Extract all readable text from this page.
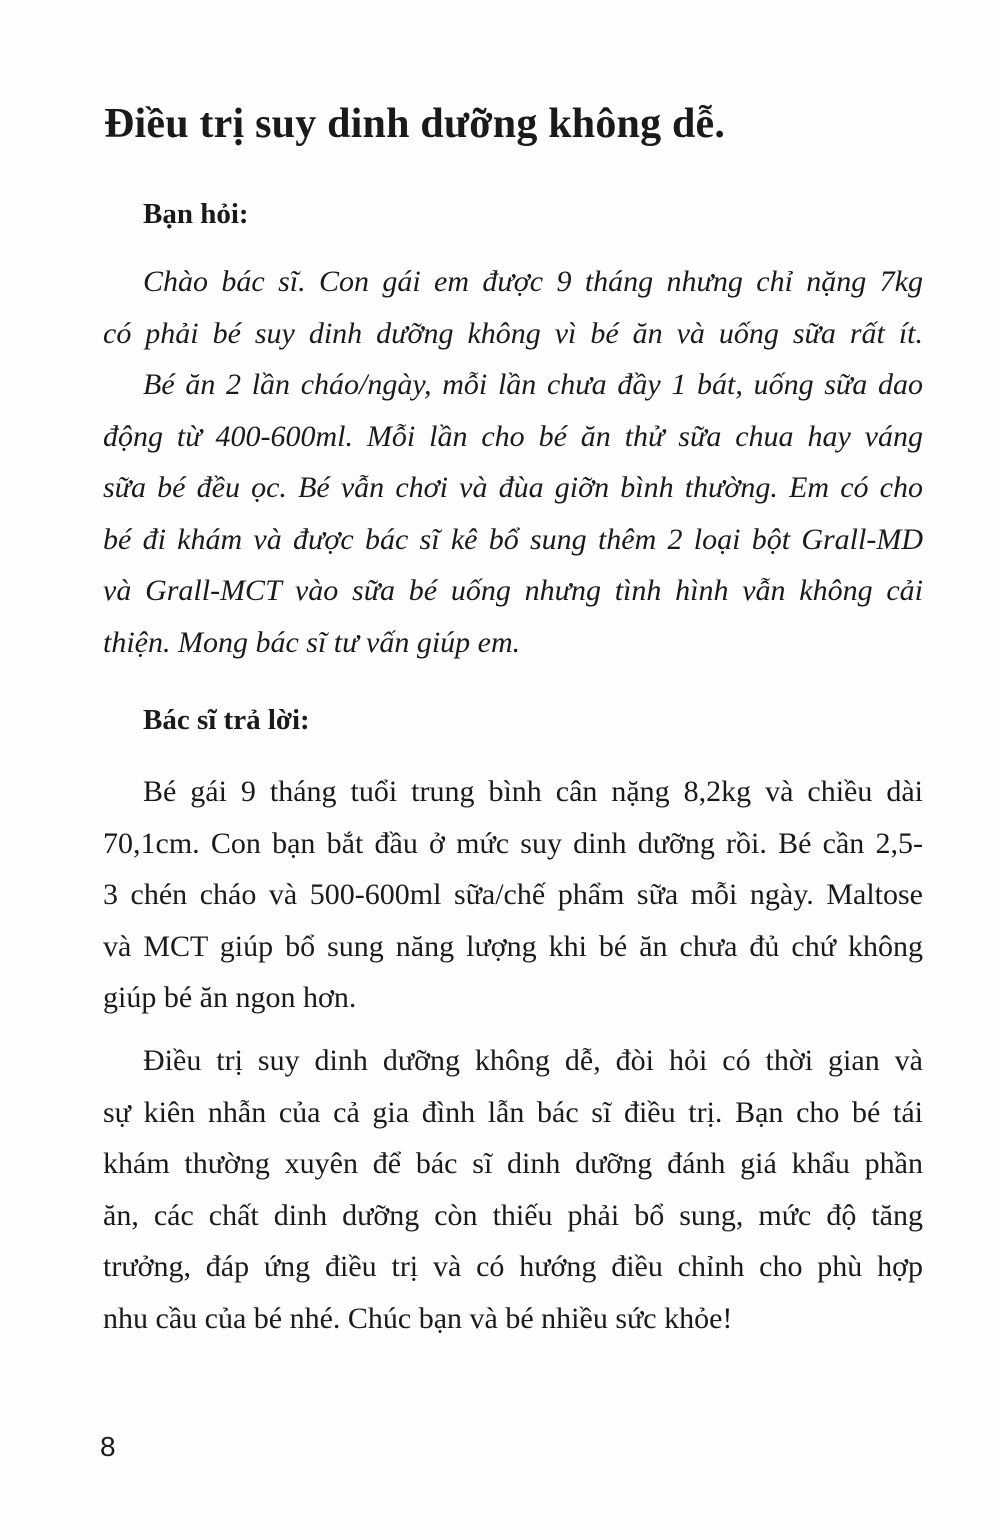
Điều trị suy dinh dưỡng không dễ.
Bạn hỏi:
Chào bác sĩ. Con gái em được 9 tháng nhưng chỉ nặng 7kg
có phải bé suy dinh dưỡng không vì bé ăn và uống sữa rất ít.
Bé ăn 2 lần cháo/ngày, mỗi lần chưa đầy 1 bát, uống sữa dao
động từ 400-600ml. Mỗi lần cho bé ăn thử sữa chua hay váng
sữa bé đều ọc. Bé vẫn chơi và đùa giỡn bình thường. Em có cho
bé đi khám và được bác sĩ kê bổ sung thêm 2 loại bột Grall-MD
và Grall-MCT vào sữa bé uống nhưng tình hình vẫn không cải
thiện. Mong bác sĩ tư vấn giúp em.
Bác sĩ trả lời:
Bé gái 9 tháng tuổi trung bình cân nặng 8,2kg và chiều dài
70,1cm. Con bạn bắt đầu ở mức suy dinh dưỡng rồi. Bé cần 2,5-
3 chén cháo và 500-600ml sữa/chế phẩm sữa mỗi ngày. Maltose
và MCT giúp bổ sung năng lượng khi bé ăn chưa đủ chứ không
giúp bé ăn ngon hơn.
Điều trị suy dinh dưỡng không dễ, đòi hỏi có thời gian và
sự kiên nhẫn của cả gia đình lẫn bác sĩ điều trị. Bạn cho bé tái
khám thường xuyên để bác sĩ dinh dưỡng đánh giá khẩu phần
ăn, các chất dinh dưỡng còn thiếu phải bổ sung, mức độ tăng
trưởng, đáp ứng điều trị và có hướng điều chỉnh cho phù hợp
nhu cầu của bé nhé. Chúc bạn và bé nhiều sức khỏe!

8
